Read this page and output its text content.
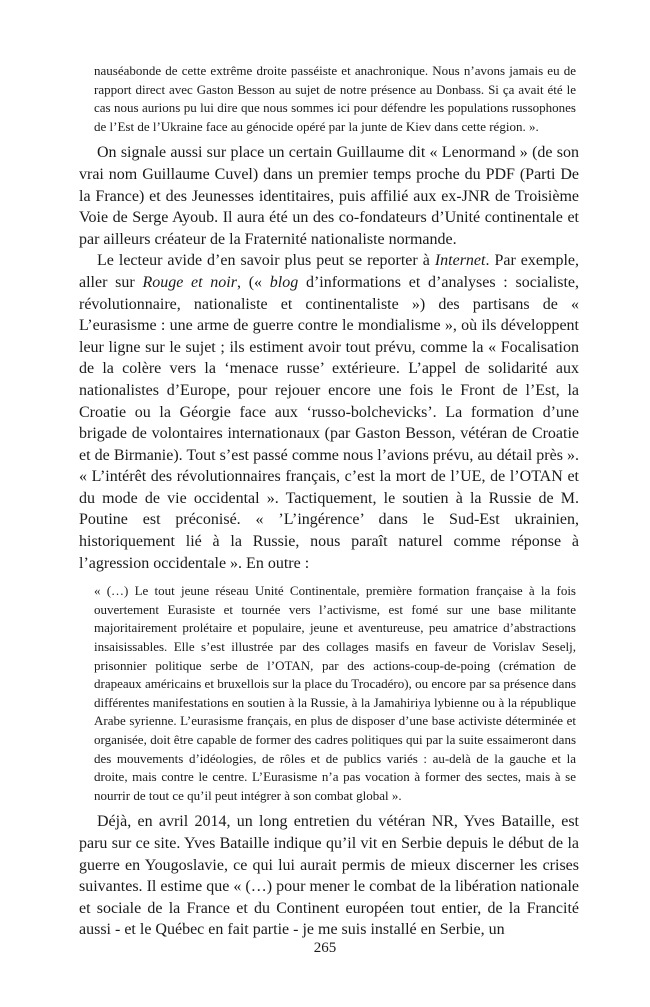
nauséabonde de cette extrême droite passéiste et anachronique. Nous n’avons jamais eu de rapport direct avec Gaston Besson au sujet de notre présence au Donbass. Si ça avait été le cas nous aurions pu lui dire que nous sommes ici pour défendre les populations russophones de l’Est de l’Ukraine face au génocide opéré par la junte de Kiev dans cette région. ».

On signale aussi sur place un certain Guillaume dit « Lenormand » (de son vrai nom Guillaume Cuvel) dans un premier temps proche du PDF (Parti De la France) et des Jeunesses identitaires, puis affilié aux ex-JNR de Troisième Voie de Serge Ayoub. Il aura été un des co-fondateurs d’Unité continentale et par ailleurs créateur de la Fraternité nationaliste normande.

Le lecteur avide d’en savoir plus peut se reporter à Internet. Par exemple, aller sur Rouge et noir, (« blog d’informations et d’analyses : socialiste, révolutionnaire, nationaliste et continentaliste ») des partisans de « L’eurasisme : une arme de guerre contre le mondialisme », où ils développent leur ligne sur le sujet ; ils estiment avoir tout prévu, comme la « Focalisation de la colère vers la ‘menace russe’ extérieure. L’appel de solidarité aux nationalistes d’Europe, pour rejouer encore une fois le Front de l’Est, la Croatie ou la Géorgie face aux ‘russo-bolchevicks’. La formation d’une brigade de volontaires internationaux (par Gaston Besson, vétéran de Croatie et de Birmanie). Tout s’est passé comme nous l’avions prévu, au détail près ». « L’intérêt des révolutionnaires français, c’est la mort de l’UE, de l’OTAN et du mode de vie occidental ». Tactiquement, le soutien à la Russie de M. Poutine est préconisé. « ’L’ingérence’ dans le Sud-Est ukrainien, historiquement lié à la Russie, nous paraît naturel comme réponse à l’agression occidentale ». En outre :

« (…) Le tout jeune réseau Unité Continentale, première formation française à la fois ouvertement Eurasiste et tournée vers l’activisme, est fomé sur une base militante majoritairement prolétaire et populaire, jeune et aventureuse, peu amatrice d’abstractions insaisissables. Elle s’est illustrée par des collages masifs en faveur de Vorislav Seselj, prisonnier politique serbe de l’OTAN, par des actions-coup-de-poing (crémation de drapeaux américains et bruxellois sur la place du Trocadéro), ou encore par sa présence dans différentes manifestations en soutien à la Russie, à la Jamahiriya lybienne ou à la république Arabe syrienne. L’eurasisme français, en plus de disposer d’une base activiste déterminée et organisée, doit être capable de former des cadres politiques qui par la suite essaimeront dans des mouvements d’idéologies, de rôles et de publics variés : au-delà de la gauche et la droite, mais contre le centre. L’Eurasisme n’a pas vocation à former des sectes, mais à se nourrir de tout ce qu’il peut intégrer à son combat global ».

Déjà, en avril 2014, un long entretien du vétéran NR, Yves Bataille, est paru sur ce site. Yves Bataille indique qu’il vit en Serbie depuis le début de la guerre en Yougoslavie, ce qui lui aurait permis de mieux discerner les crises suivantes. Il estime que « (…) pour mener le combat de la libération nationale et sociale de la France et du Continent européen tout entier, de la Francité aussi - et le Québec en fait partie - je me suis installé en Serbie, un

265
